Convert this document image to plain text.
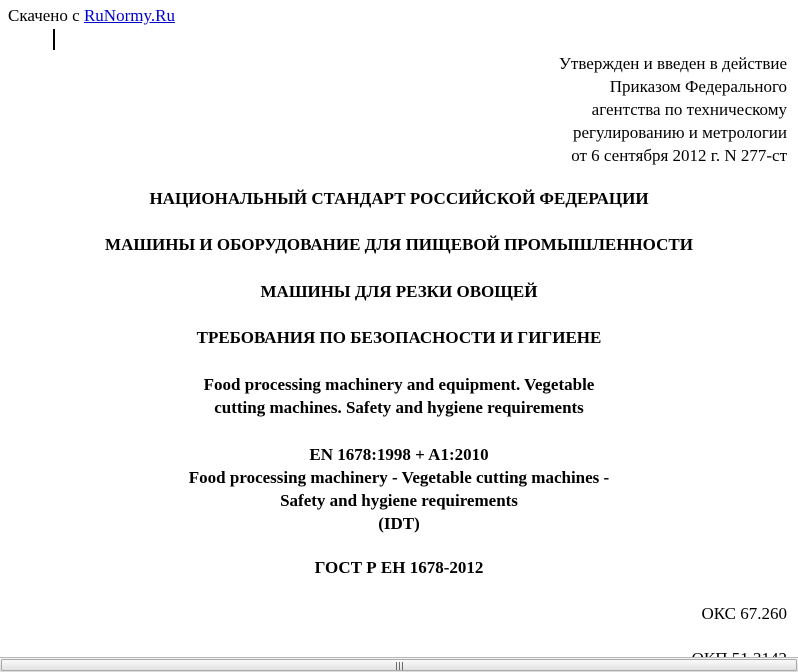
Скачено с RuNormy.Ru
Утвержден и введен в действие
Приказом Федерального
агентства по техническому
регулированию и метрологии
от 6 сентября 2012 г. N 277-ст
НАЦИОНАЛЬНЫЙ СТАНДАРТ РОССИЙСКОЙ ФЕДЕРАЦИИ
МАШИНЫ И ОБОРУДОВАНИЕ ДЛЯ ПИЩЕВОЙ ПРОМЫШЛЕННОСТИ
МАШИНЫ ДЛЯ РЕЗКИ ОВОЩЕЙ
ТРЕБОВАНИЯ ПО БЕЗОПАСНОСТИ И ГИГИЕНЕ
Food processing machinery and equipment. Vegetable
cutting machines. Safety and hygiene requirements
EN 1678:1998 + A1:2010
Food processing machinery - Vegetable cutting machines -
Safety and hygiene requirements
(IDT)
ГОСТ Р ЕН 1678-2012
ОКС 67.260
